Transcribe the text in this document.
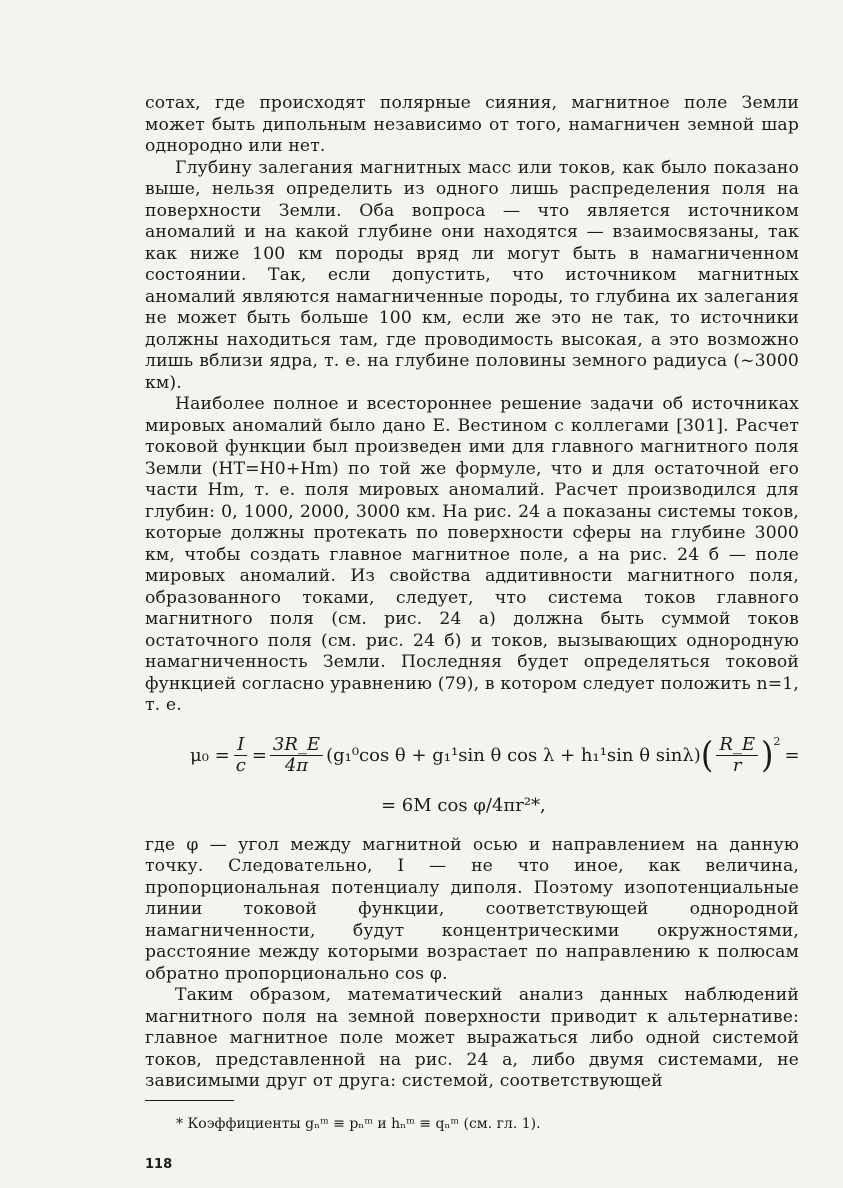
сотах, где происходят полярные сияния, магнитное поле Земли может быть дипольным независимо от того, намагничен земной шар однородно или нет.

Глубину залегания магнитных масс или токов, как было показано выше, нельзя определить из одного лишь распределения поля на поверхности Земли. Оба вопроса — что является источником аномалий и на какой глубине они находятся — взаимосвязаны, так как ниже 100 км породы вряд ли могут быть в намагниченном состоянии. Так, если допустить, что источником магнитных аномалий являются намагниченные породы, то глубина их залегания не может быть больше 100 км, если же это не так, то источники должны находиться там, где проводимость высокая, а это возможно лишь вблизи ядра, т. е. на глубине половины земного радиуса (~3000 км).

Наиболее полное и всестороннее решение задачи об источниках мировых аномалий было дано Е. Вестином с коллегами [301]. Расчет токовой функции был произведен ими для главного магнитного поля Земли (HT=H0+Hm) по той же формуле, что и для остаточной его части Hm, т. е. поля мировых аномалий. Расчет производился для глубин: 0, 1000, 2000, 3000 км. На рис. 24 а показаны системы токов, которые должны протекать по поверхности сферы на глубине 3000 км, чтобы создать главное магнитное поле, а на рис. 24 б — поле мировых аномалий. Из свойства аддитивности магнитного поля, образованного токами, следует, что система токов главного магнитного поля (см. рис. 24 а) должна быть суммой токов остаточного поля (см. рис. 24 б) и токов, вызывающих однородную намагниченность Земли. Последняя будет определяться токовой функцией согласно уравнению (79), в котором следует положить n=1, т. е.

$\mu_0 = \frac{I}{c} = \frac{3R\_E}{4\pi} (g_1^0\cos$ θ + g₁¹sin θ cos λ + h₁¹sin θ sinλ) ( $\frac{R\_E}{r} )^2$
=
= 6M cos φ/4πr²*,

где φ — угол между магнитной осью и направлением на данную точку. Следовательно, I — не что иное, как величина, пропорциональная потенциалу диполя. Поэтому изопотенциальные линии токовой функции, соответствующей однородной намагниченности, будут концентрическими окружностями, расстояние между которыми возрастает по направлению к полюсам обратно пропорционально cos φ.

Таким образом, математический анализ данных наблюдений магнитного поля на земной поверхности приводит к альтернативе: главное магнитное поле может выражаться либо одной системой токов, представленной на рис. 24 а, либо двумя системами, не зависимыми друг от друга: системой, соответствующей

* Коэффициенты gₙᵐ ≡ pₙᵐ и hₙᵐ ≡ qₙᵐ (см. гл. 1).
118
